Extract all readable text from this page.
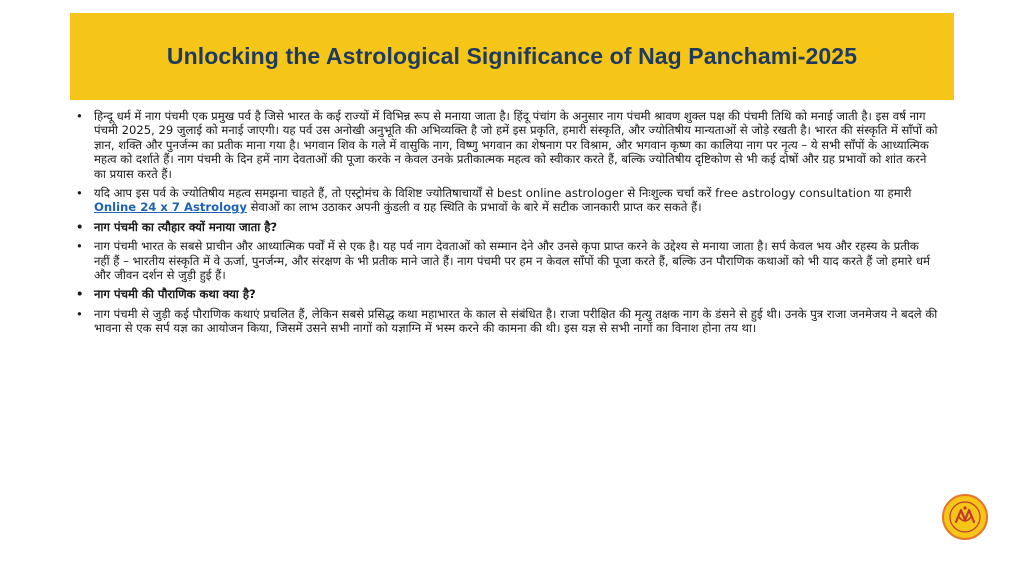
Unlocking the Astrological Significance of Nag Panchami-2025
• हिन्दू धर्म में नाग पंचमी एक प्रमुख पर्व है जिसे भारत के कई राज्यों में विभिन्न रूप से मनाया जाता है। हिंदू पंचांग के अनुसार नाग पंचमी श्रावण शुक्ल पक्ष की पंचमी तिथि को मनाई जाती है। इस वर्ष नाग पंचमी 2025, 29 जुलाई को मनाई जाएगी। यह पर्व उस अनोखी अनुभूति की अभिव्यक्ति है जो हमें इस प्रकृति, हमारी संस्कृति, और ज्योतिषीय मान्यताओं से जोड़े रखती है। भारत की संस्कृति में साँपों को ज्ञान, शक्ति और पुनर्जन्म का प्रतीक माना गया है। भगवान शिव के गले में वासुकि नाग, विष्णु भगवान का शेषनाग पर विश्राम, और भगवान कृष्ण का कालिया नाग पर नृत्य – ये सभी साँपों के आध्यात्मिक महत्व को दर्शाते हैं। नाग पंचमी के दिन हमें नाग देवताओं की पूजा करके न केवल उनके प्रतीकात्मक महत्व को स्वीकार करते हैं, बल्कि ज्योतिषीय दृष्टिकोण से भी कई दोषों और ग्रह प्रभावों को शांत करने का प्रयास करते हैं।
• यदि आप इस पर्व के ज्योतिषीय महत्व समझना चाहते हैं, तो एस्ट्रोमंच के विशिष्ट ज्योतिषाचार्यों से best online astrologer से निःशुल्क चर्चा करें free astrology consultation या हमारी Online 24 x 7 Astrology सेवाओं का लाभ उठाकर अपनी कुंडली व ग्रह स्थिति के प्रभावों के बारे में सटीक जानकारी प्राप्त कर सकते हैं।
• नाग पंचमी का त्यौहार क्यों मनाया जाता है?
• नाग पंचमी भारत के सबसे प्राचीन और आध्यात्मिक पर्वों में से एक है। यह पर्व नाग देवताओं को सम्मान देने और उनसे कृपा प्राप्त करने के उद्देश्य से मनाया जाता है। सर्प केवल भय और रहस्य के प्रतीक नहीं हैं – भारतीय संस्कृति में वे ऊर्जा, पुनर्जन्म, और संरक्षण के भी प्रतीक माने जाते हैं। नाग पंचमी पर हम न केवल साँपों की पूजा करते हैं, बल्कि उन पौराणिक कथाओं को भी याद करते हैं जो हमारे धर्म और जीवन दर्शन से जुड़ी हुई हैं।
• नाग पंचमी की पौराणिक कथा क्या है?
• नाग पंचमी से जुड़ी कई पौराणिक कथाएं प्रचलित हैं, लेकिन सबसे प्रसिद्ध कथा महाभारत के काल से संबंधित है। राजा परीक्षित की मृत्यु तक्षक नाग के डंसने से हुई थी। उनके पुत्र राजा जनमेजय ने बदले की भावना से एक सर्प यज्ञ का आयोजन किया, जिसमें उसने सभी नागों को यज्ञाग्नि में भस्म करने की कामना की थी। इस यज्ञ से सभी नागों का विनाश होना तय था।
